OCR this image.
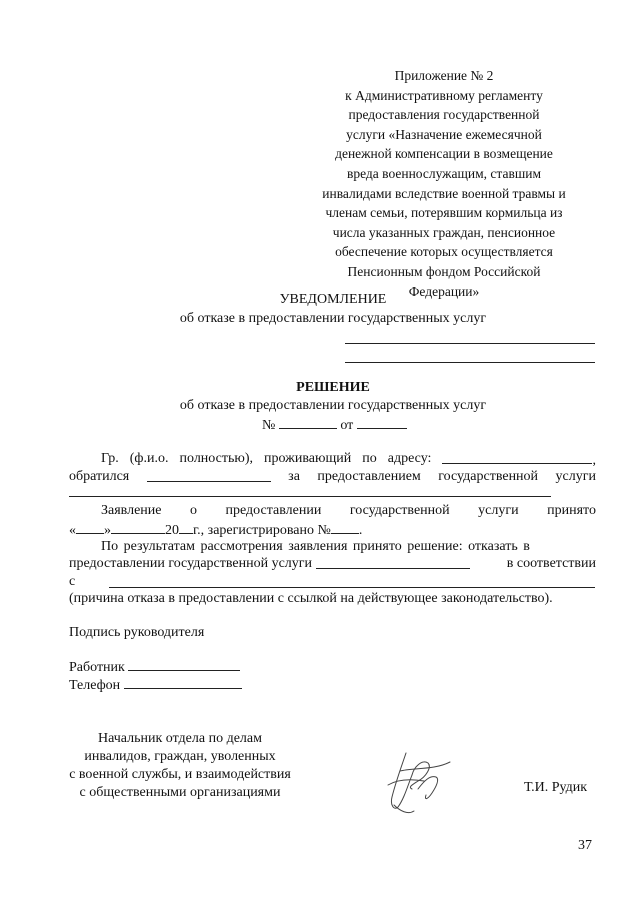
Приложение № 2
к Административному регламенту
предоставления государственной
услуги «Назначение ежемесячной
денежной компенсации в возмещение
вреда военнослужащим, ставшим
инвалидами вследствие военной травмы и
членам семьи, потерявшим кормильца из
числа указанных граждан, пенсионное
обеспечение которых осуществляется
Пенсионным фондом Российской
Федерации»
УВЕДОМЛЕНИЕ
об отказе в предоставлении государственных услуг
РЕШЕНИЕ
об отказе в предоставлении государственных услуг
№	от
Гр. (ф.и.о. полностью), проживающий по адресу:	,
обратился	за предоставлением государственной услуги
Заявление о предоставлении государственной услуги принято
« »	20 г., зарегистрировано № .
По результатам рассмотрения заявления принято решение: отказать в
предоставлении государственной услуги	в соответствии
с
(причина отказа в предоставлении с ссылкой на действующее законодательство).
Подпись руководителя
Работник
Телефон
Начальник отдела по делам
инвалидов, граждан, уволенных
с военной службы, и взаимодействия
с общественными организациями	Т.И. Рудик
37
